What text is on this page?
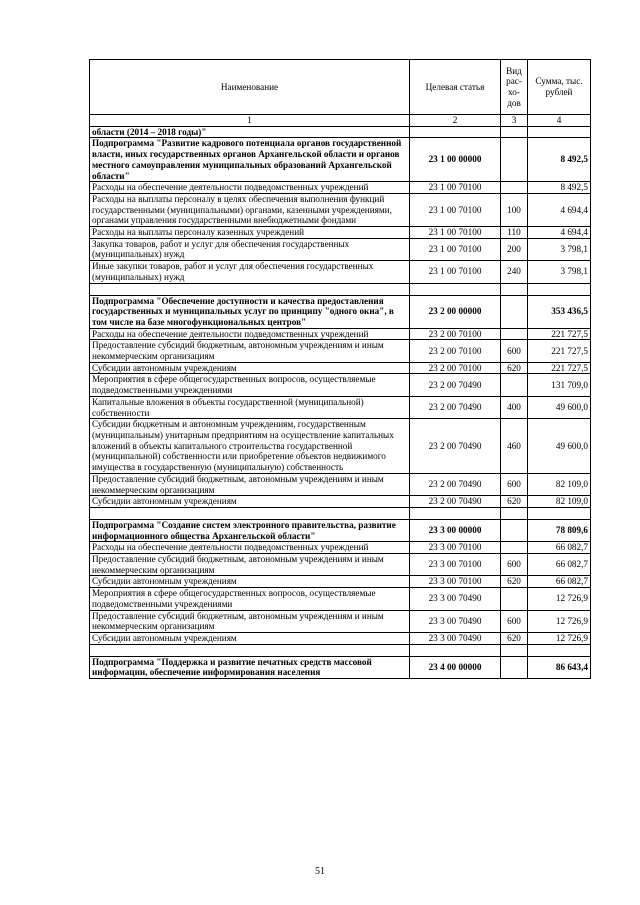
Наименование	Целевая статья	Вид рас-хо-дов	Сумма, тыс. рублей
1	2	3	4
области (2014 – 2018 годы)"			
Подпрограмма "Развитие кадрового потенциала органов государственной власти, иных государственных органов Архангельской области и органов местного самоуправления муниципальных образований Архангельской области"	23 1 00 00000		8 492,5
Расходы на обеспечение деятельности подведомственных учреждений	23 1 00 70100		8 492,5
Расходы на выплаты персоналу в целях обеспечения выполнения функций государственными (муниципальными) органами, казенными учреждениями, органами управления государственными внебюджетными фондами	23 1 00 70100	100	4 694,4
Расходы на выплаты персоналу казенных учреждений	23 1 00 70100	110	4 694,4
Закупка товаров, работ и услуг для обеспечения государственных (муниципальных) нужд	23 1 00 70100	200	3 798,1
Иные закупки товаров, работ и услуг для обеспечения государственных (муниципальных) нужд	23 1 00 70100	240	3 798,1

Подпрограмма "Обеспечение доступности и качества предоставления государственных и муниципальных услуг по принципу "одного окна", в том числе на базе многофункциональных центров"	23 2 00 00000		353 436,5
Расходы на обеспечение деятельности подведомственных учреждений	23 2 00 70100		221 727,5
Предоставление субсидий бюджетным, автономным учреждениям и иным некоммерческим организациям	23 2 00 70100	600	221 727,5
Субсидии автономным учреждениям	23 2 00 70100	620	221 727,5
Мероприятия в сфере общегосударственных вопросов, осуществляемые подведомственными учреждениями	23 2 00 70490		131 709,0
Капитальные вложения в объекты государственной (муниципальной) собственности	23 2 00 70490	400	49 600,0
Субсидии бюджетным и автономным учреждениям, государственным (муниципальным) унитарным предприятиям на осуществление капитальных вложений в объекты капитального строительства государственной (муниципальной) собственности или приобретение объектов недвижимого имущества в государственную (муниципальную) собственность	23 2 00 70490	460	49 600,0
Предоставление субсидий бюджетным, автономным учреждениям и иным некоммерческим организациям	23 2 00 70490	600	82 109,0
Субсидии автономным учреждениям	23 2 00 70490	620	82 109,0

Подпрограмма "Создание систем электронного правительства, развитие информационного общества Архангельской области"	23 3 00 00000		78 809,6
Расходы на обеспечение деятельности подведомственных учреждений	23 3 00 70100		66 082,7
Предоставление субсидий бюджетным, автономным учреждениям и иным некоммерческим организациям	23 3 00 70100	600	66 082,7
Субсидии автономным учреждениям	23 3 00 70100	620	66 082,7
Мероприятия в сфере общегосударственных вопросов, осуществляемые подведомственными учреждениями	23 3 00 70490		12 726,9
Предоставление субсидий бюджетным, автономным учреждениям и иным некоммерческим организациям	23 3 00 70490	600	12 726,9
Субсидии автономным учреждениям	23 3 00 70490	620	12 726,9

Подпрограмма "Поддержка и развитие печатных средств массовой информации, обеспечение информирования населения	23 4 00 00000		86 643,4
51
